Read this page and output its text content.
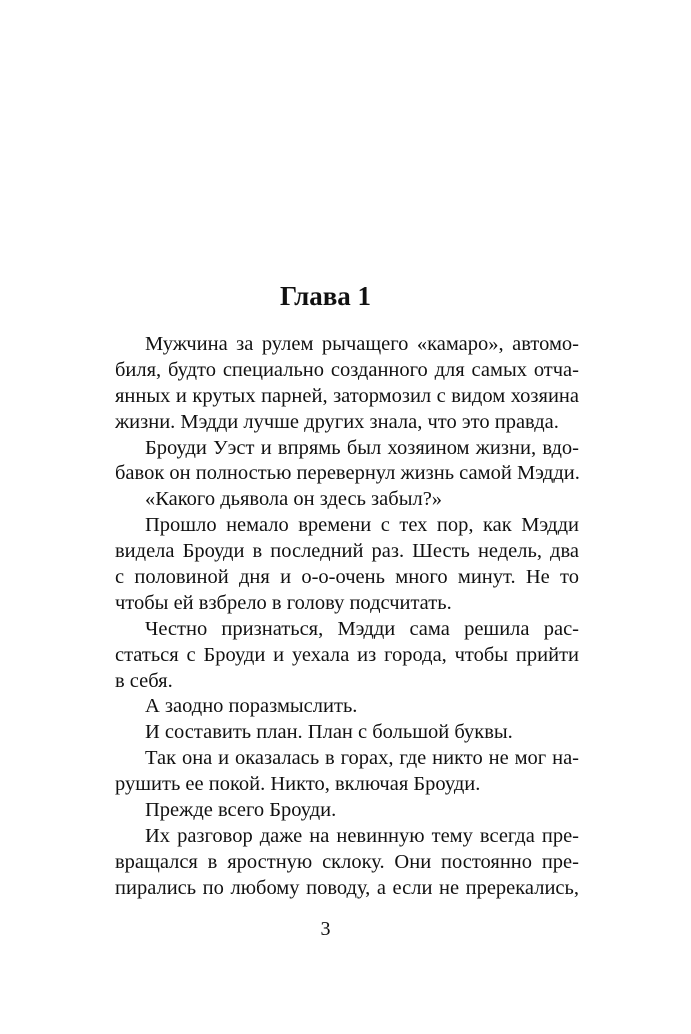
Глава 1
Мужчина за рулем рычащего «камаро», автомо-
биля, будто специально созданного для самых отча-
янных и крутых парней, затормозил с видом хозяина
жизни. Мэдди лучше других знала, что это правда.
Броуди Уэст и впрямь был хозяином жизни, вдо-
бавок он полностью перевернул жизнь самой Мэдди.
«Какого дьявола он здесь забыл?»
Прошло немало времени с тех пор, как Мэдди
видела Броуди в последний раз. Шесть недель, два
с половиной дня и о-о-очень много минут. Не то
чтобы ей взбрело в голову подсчитать.
Честно признаться, Мэдди сама решила рас-
статься с Броуди и уехала из города, чтобы прийти
в себя.
А заодно поразмыслить.
И составить план. План с большой буквы.
Так она и оказалась в горах, где никто не мог на-
рушить ее покой. Никто, включая Броуди.
Прежде всего Броуди.
Их разговор даже на невинную тему всегда пре-
вращался в яростную склоку. Они постоянно пре-
пирались по любому поводу, а если не пререкались,
3
